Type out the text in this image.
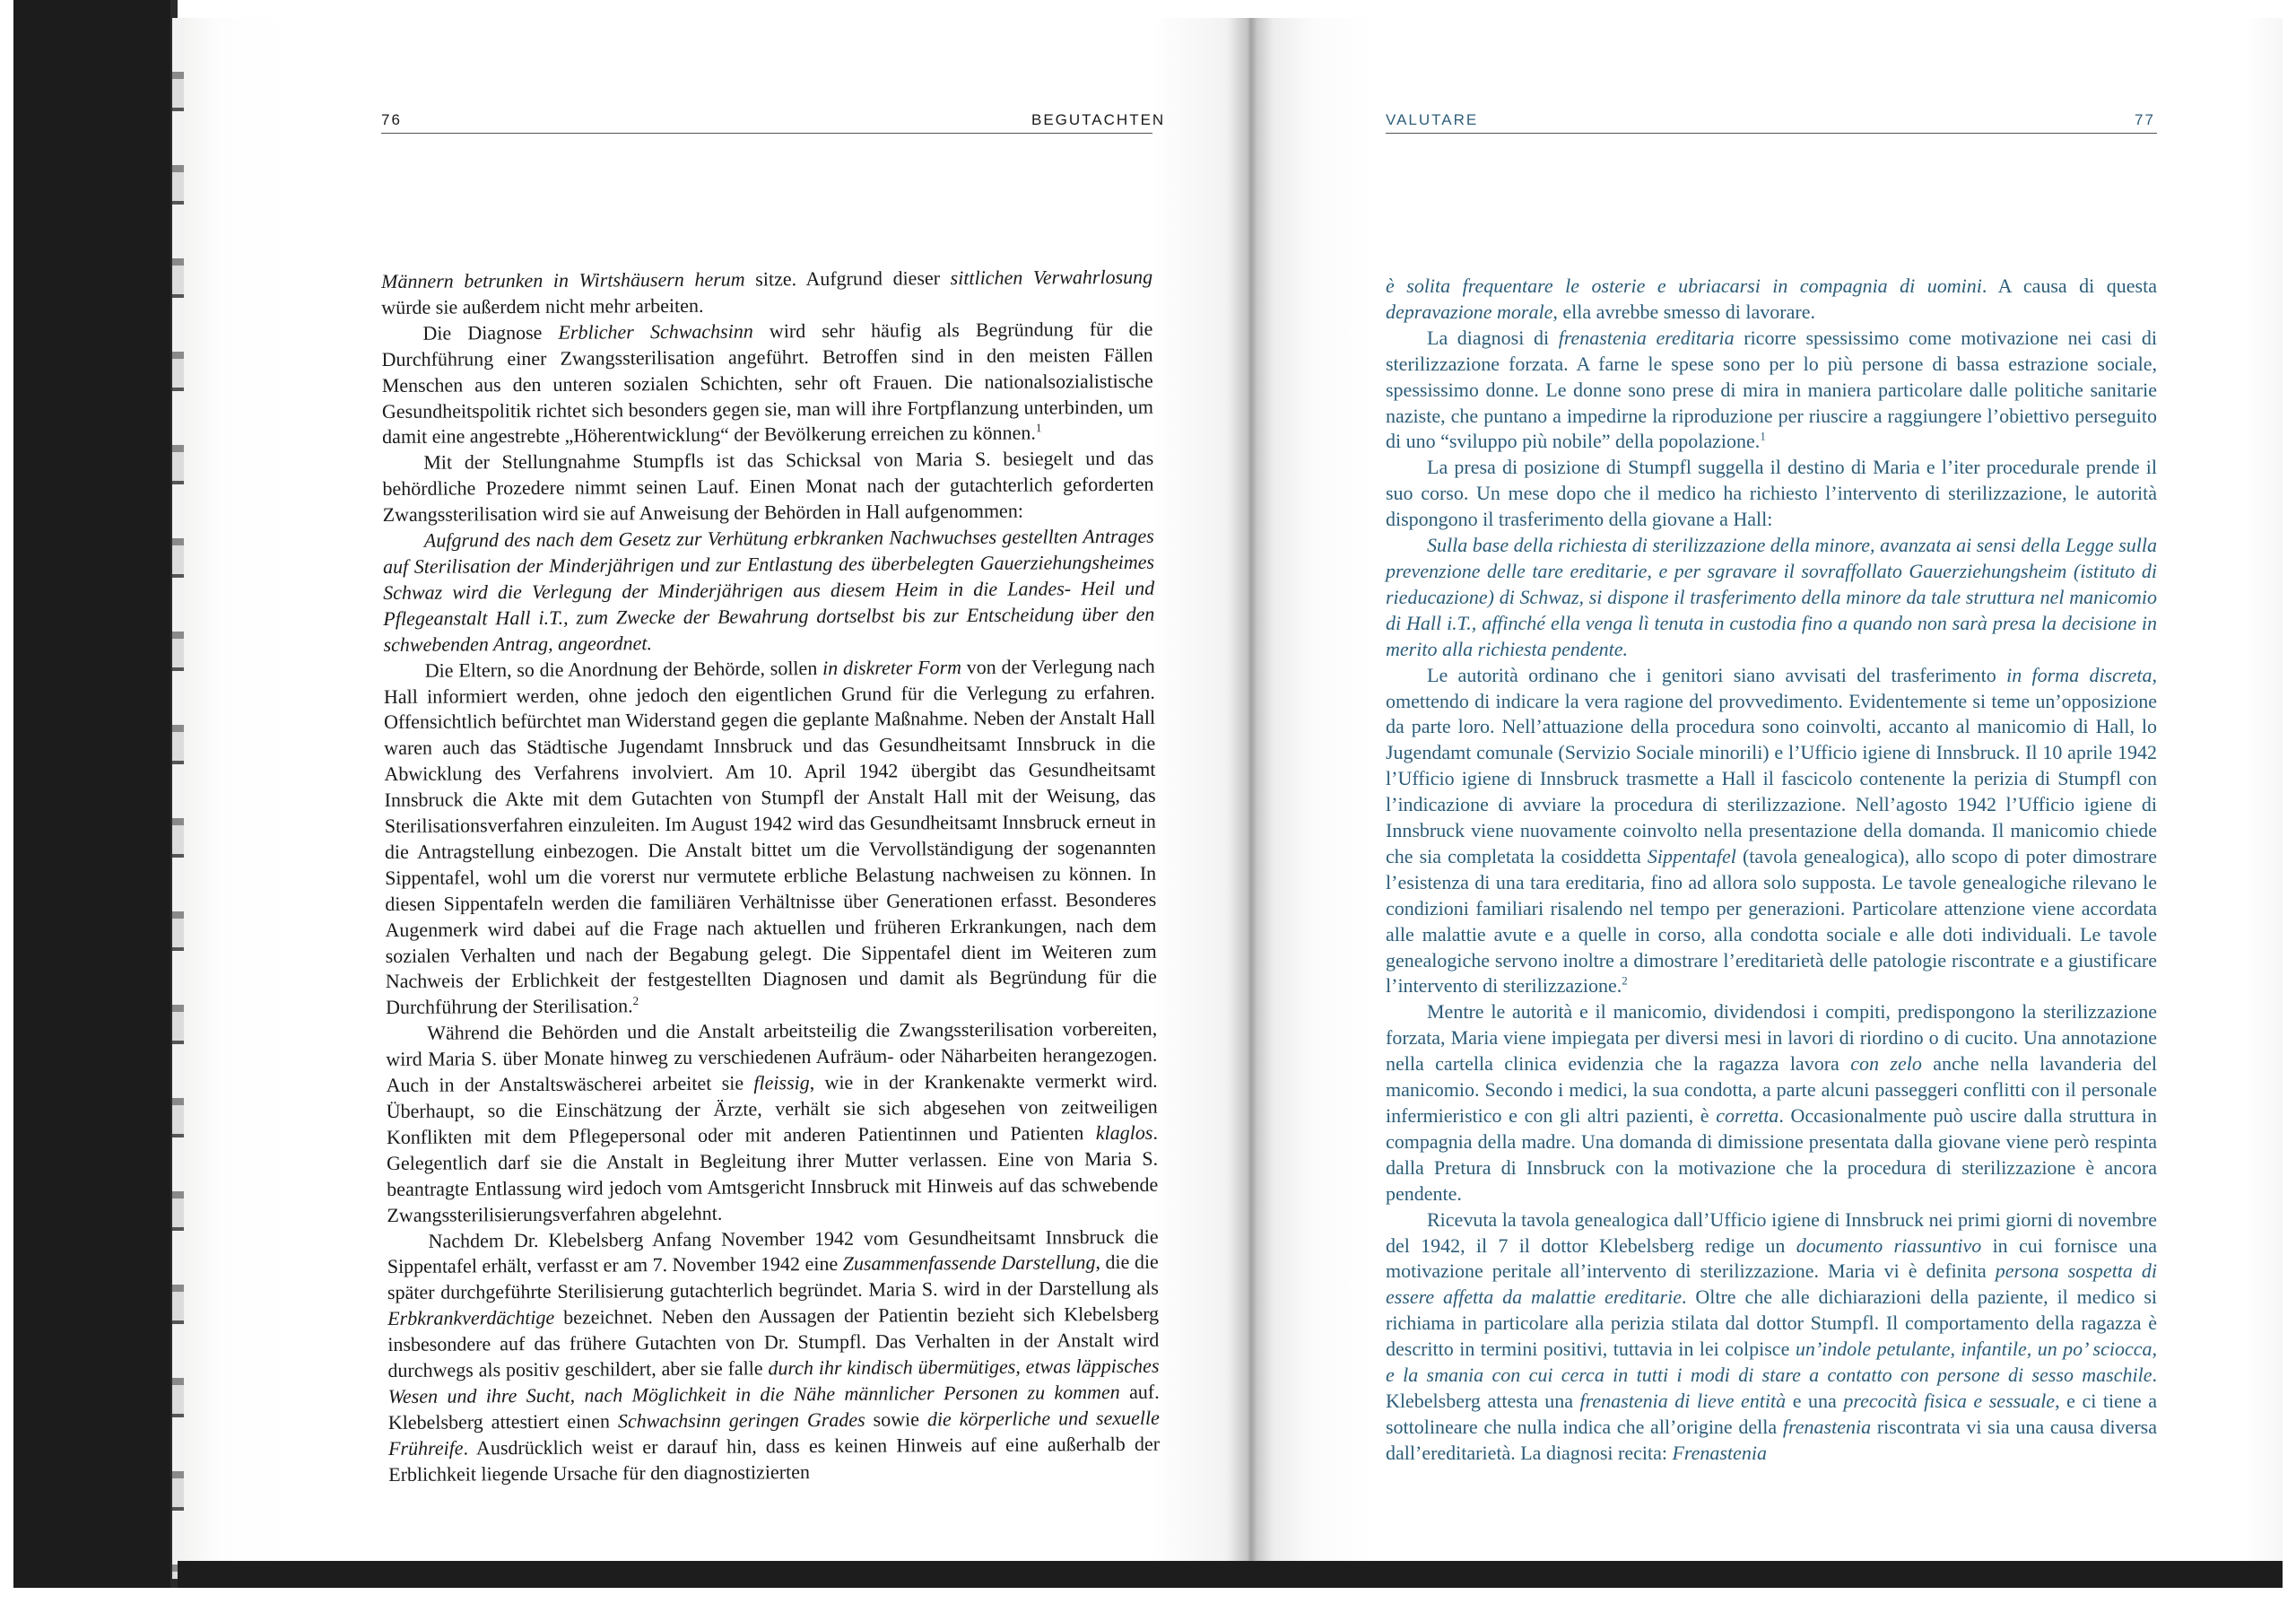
76	BEGUTACHTEN	VALUTARE	77

Männern betrunken in Wirtshäusern herum sitze. Aufgrund dieser sittlichen Verwahrlosung würde sie außerdem nicht mehr arbeiten.

Die Diagnose Erblicher Schwachsinn wird sehr häufig als Begründung für die Durchführung einer Zwangssterilisation angeführt. Betroffen sind in den meisten Fällen Menschen aus den unteren sozialen Schichten, sehr oft Frauen. Die nationalsozialistische Gesundheitspolitik richtet sich besonders gegen sie, man will ihre Fortpflanzung unterbinden, um damit eine angestrebte „Höherentwicklung“ der Bevölkerung erreichen zu können.$^1$

Mit der Stellungnahme Stumpfls ist das Schicksal von Maria S. besiegelt und das behördliche Prozedere nimmt seinen Lauf. Einen Monat nach der gutachterlich geforderten Zwangssterilisation wird sie auf Anweisung der Behörden in Hall aufgenommen:

Aufgrund des nach dem Gesetz zur Verhütung erbkranken Nachwuchses gestellten Antrages auf Sterilisation der Minderjährigen und zur Entlastung des überbelegten Gauerziehungsheimes Schwaz wird die Verlegung der Minderjährigen aus diesem Heim in die Landes- Heil und Pflegeanstalt Hall i.T., zum Zwecke der Bewahrung dortselbst bis zur Entscheidung über den schwebenden Antrag, angeordnet.

Die Eltern, so die Anordnung der Behörde, sollen in diskreter Form von der Verlegung nach Hall informiert werden, ohne jedoch den eigentlichen Grund für die Verlegung zu erfahren. Offensichtlich befürchtet man Widerstand gegen die geplante Maßnahme. Neben der Anstalt Hall waren auch das Städtische Jugendamt Innsbruck und das Gesundheitsamt Innsbruck in die Abwicklung des Verfahrens involviert. Am 10. April 1942 übergibt das Gesundheitsamt Innsbruck die Akte mit dem Gutachten von Stumpfl der Anstalt Hall mit der Weisung, das Sterilisationsverfahren einzuleiten. Im August 1942 wird das Gesundheitsamt Innsbruck erneut in die Antragstellung einbezogen. Die Anstalt bittet um die Vervollständigung der sogenannten Sippentafel, wohl um die vorerst nur vermutete erbliche Belastung nachweisen zu können. In diesen Sippentafeln werden die familiären Verhältnisse über Generationen erfasst. Besonderes Augenmerk wird dabei auf die Frage nach aktuellen und früheren Erkrankungen, nach dem sozialen Verhalten und nach der Begabung gelegt. Die Sippentafel dient im Weiteren zum Nachweis der Erblichkeit der festgestellten Diagnosen und damit als Begründung für die Durchführung der Sterilisation.$^2$

Während die Behörden und die Anstalt arbeitsteilig die Zwangssterilisation vorbereiten, wird Maria S. über Monate hinweg zu verschiedenen Aufräum- oder Näharbeiten herangezogen. Auch in der Anstaltswäscherei arbeitet sie fleissig, wie in der Krankenakte vermerkt wird. Überhaupt, so die Einschätzung der Ärzte, verhält sie sich abgesehen von zeitweiligen Konflikten mit dem Pflegepersonal oder mit anderen Patientinnen und Patienten klaglos. Gelegentlich darf sie die Anstalt in Begleitung ihrer Mutter verlassen. Eine von Maria S. beantragte Entlassung wird jedoch vom Amtsgericht Innsbruck mit Hinweis auf das schwebende Zwangssterilisierungsverfahren abgelehnt.

Nachdem Dr. Klebelsberg Anfang November 1942 vom Gesundheitsamt Innsbruck die Sippentafel erhält, verfasst er am 7. November 1942 eine Zusammenfassende Darstellung, die die später durchgeführte Sterilisierung gutachterlich begründet. Maria S. wird in der Darstellung als Erbkrankverdächtige bezeichnet. Neben den Aussagen der Patientin bezieht sich Klebelsberg insbesondere auf das frühere Gutachten von Dr. Stumpfl. Das Verhalten in der Anstalt wird durchwegs als positiv geschildert, aber sie falle durch ihr kindisch übermütiges, etwas läppisches Wesen und ihre Sucht, nach Möglichkeit in die Nähe männlicher Personen zu kommen auf. Klebelsberg attestiert einen Schwachsinn geringen Grades sowie die körperliche und sexuelle Frühreife. Ausdrücklich weist er darauf hin, dass es keinen Hinweis auf eine außerhalb der Erblichkeit liegende Ursache für den diagnostizierten

è solita frequentare le osterie e ubriacarsi in compagnia di uomini. A causa di questa depravazione morale, ella avrebbe smesso di lavorare.

La diagnosi di frenastenia ereditaria ricorre spessissimo come motivazione nei casi di sterilizzazione forzata. A farne le spese sono per lo più persone di bassa estrazione sociale, spessissimo donne. Le donne sono prese di mira in maniera particolare dalle politiche sanitarie naziste, che puntano a impedirne la riproduzione per riuscire a raggiungere l’obiettivo perseguito di uno “sviluppo più nobile” della popolazione.$^1$

La presa di posizione di Stumpfl suggella il destino di Maria e l’iter procedurale prende il suo corso. Un mese dopo che il medico ha richiesto l’intervento di sterilizzazione, le autorità dispongono il trasferimento della giovane a Hall:

Sulla base della richiesta di sterilizzazione della minore, avanzata ai sensi della Legge sulla prevenzione delle tare ereditarie, e per sgravare il sovraffollato Gauerziehungsheim (istituto di rieducazione) di Schwaz, si dispone il trasferimento della minore da tale struttura nel manicomio di Hall i.T., affinché ella venga lì tenuta in custodia fino a quando non sarà presa la decisione in merito alla richiesta pendente.

Le autorità ordinano che i genitori siano avvisati del trasferimento in forma discreta, omettendo di indicare la vera ragione del provvedimento. Evidentemente si teme un’opposizione da parte loro. Nell’attuazione della procedura sono coinvolti, accanto al manicomio di Hall, lo Jugendamt comunale (Servizio Sociale minorili) e l’Ufficio igiene di Innsbruck. Il 10 aprile 1942 l’Ufficio igiene di Innsbruck trasmette a Hall il fascicolo contenente la perizia di Stumpfl con l’indicazione di avviare la procedura di sterilizzazione. Nell’agosto 1942 l’Ufficio igiene di Innsbruck viene nuovamente coinvolto nella presentazione della domanda. Il manicomio chiede che sia completata la cosiddetta Sippentafel (tavola genealogica), allo scopo di poter dimostrare l’esistenza di una tara ereditaria, fino ad allora solo supposta. Le tavole genealogiche rilevano le condizioni familiari risalendo nel tempo per generazioni. Particolare attenzione viene accordata alle malattie avute e a quelle in corso, alla condotta sociale e alle doti individuali. Le tavole genealogiche servono inoltre a dimostrare l’ereditarietà delle patologie riscontrate e a giustificare l’intervento di sterilizzazione.$^2$

Mentre le autorità e il manicomio, dividendosi i compiti, predispongono la sterilizzazione forzata, Maria viene impiegata per diversi mesi in lavori di riordino o di cucito. Una annotazione nella cartella clinica evidenzia che la ragazza lavora con zelo anche nella lavanderia del manicomio. Secondo i medici, la sua condotta, a parte alcuni passeggeri conflitti con il personale infermieristico e con gli altri pazienti, è corretta. Occasionalmente può uscire dalla struttura in compagnia della madre. Una domanda di dimissione presentata dalla giovane viene però respinta dalla Pretura di Innsbruck con la motivazione che la procedura di sterilizzazione è ancora pendente.

Ricevuta la tavola genealogica dall’Ufficio igiene di Innsbruck nei primi giorni di novembre del 1942, il 7 il dottor Klebelsberg redige un documento riassuntivo in cui fornisce una motivazione peritale all’intervento di sterilizzazione. Maria vi è definita persona sospetta di essere affetta da malattie ereditarie. Oltre che alle dichiarazioni della paziente, il medico si richiama in particolare alla perizia stilata dal dottor Stumpfl. Il comportamento della ragazza è descritto in termini positivi, tuttavia in lei colpisce un’indole petulante, infantile, un po’ sciocca, e la smania con cui cerca in tutti i modi di stare a contatto con persone di sesso maschile. Klebelsberg attesta una frenastenia di lieve entità e una precocità fisica e sessuale, e ci tiene a sottolineare che nulla indica che all’origine della frenastenia riscontrata vi sia una causa diversa dall’ereditarietà. La diagnosi recita: Frenastenia
